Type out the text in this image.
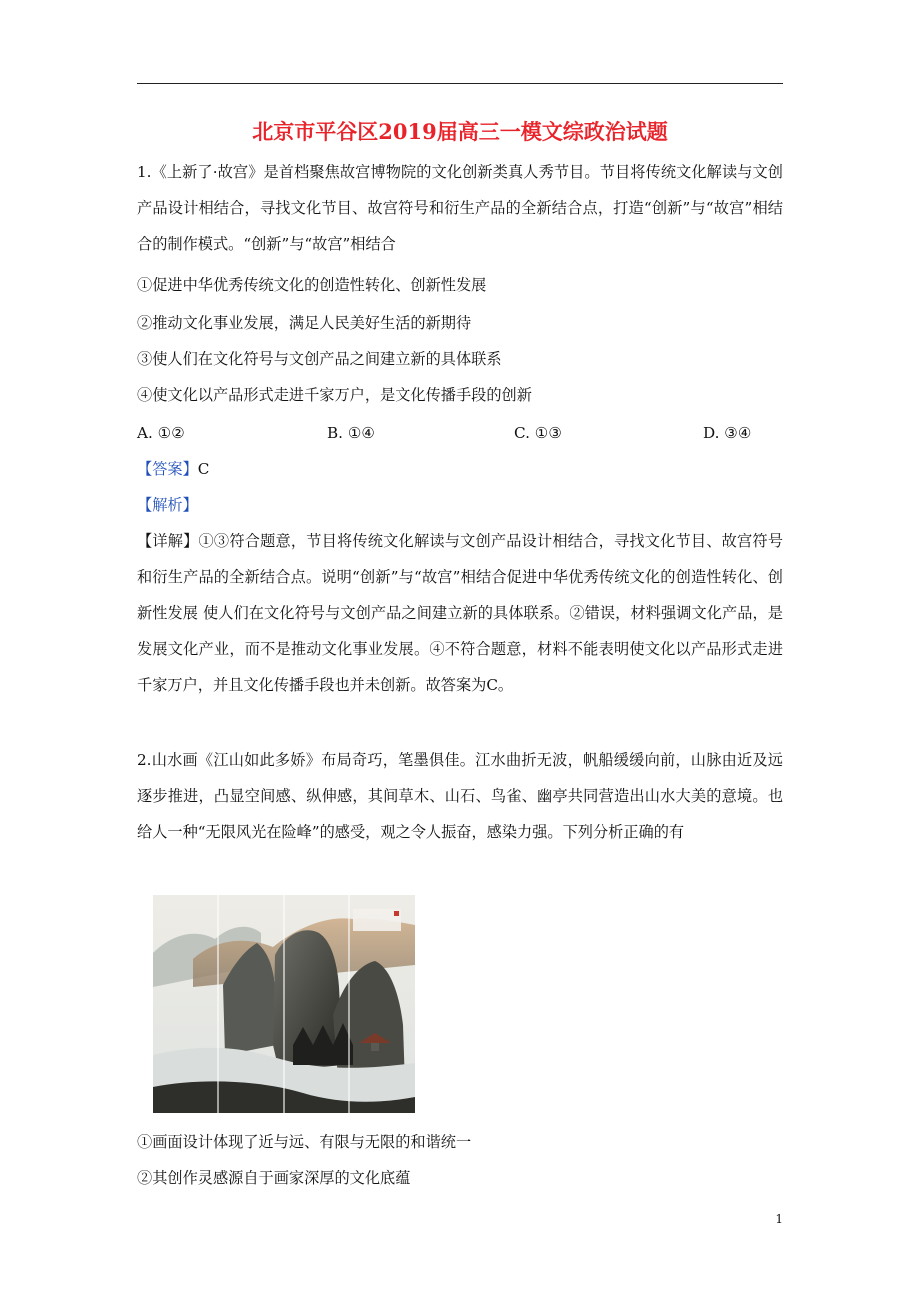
北京市平谷区2019届高三一模文综政治试题
1.《上新了·故宫》是首档聚焦故宫博物院的文化创新类真人秀节目。节目将传统文化解读与文创产品设计相结合，寻找文化节目、故宫符号和衍生产品的全新结合点，打造“创新”与“故宫”相结合的制作模式。“创新”与“故宫”相结合
①促进中华优秀传统文化的创造性转化、创新性发展
②推动文化事业发展，满足人民美好生活的新期待
③使人们在文化符号与文创产品之间建立新的具体联系
④使文化以产品形式走进千家万户，是文化传播手段的创新
A. ①②	B. ①④	C. ①③	D. ③④
【答案】C
【解析】
【详解】①③符合题意，节目将传统文化解读与文创产品设计相结合，寻找文化节目、故宫符号和衍生产品的全新结合点。说明“创新”与“故宫”相结合促进中华优秀传统文化的创造性转化、创新性发展 使人们在文化符号与文创产品之间建立新的具体联系。②错误，材料强调文化产品，是发展文化产业，而不是推动文化事业发展。④不符合题意，材料不能表明使文化以产品形式走进千家万户，并且文化传播手段也并未创新。故答案为C。
2.山水画《江山如此多娇》布局奇巧，笔墨俱佳。江水曲折无波，帆船缓缓向前，山脉由近及远逐步推进，凸显空间感、纵伸感，其间草木、山石、鸟雀、幽亭共同营造出山水大美的意境。也给人一种“无限风光在险峰”的感受，观之令人振奋，感染力强。下列分析正确的有
①画面设计体现了近与远、有限与无限的和谐统一
②其创作灵感源自于画家深厚的文化底蕴
1
